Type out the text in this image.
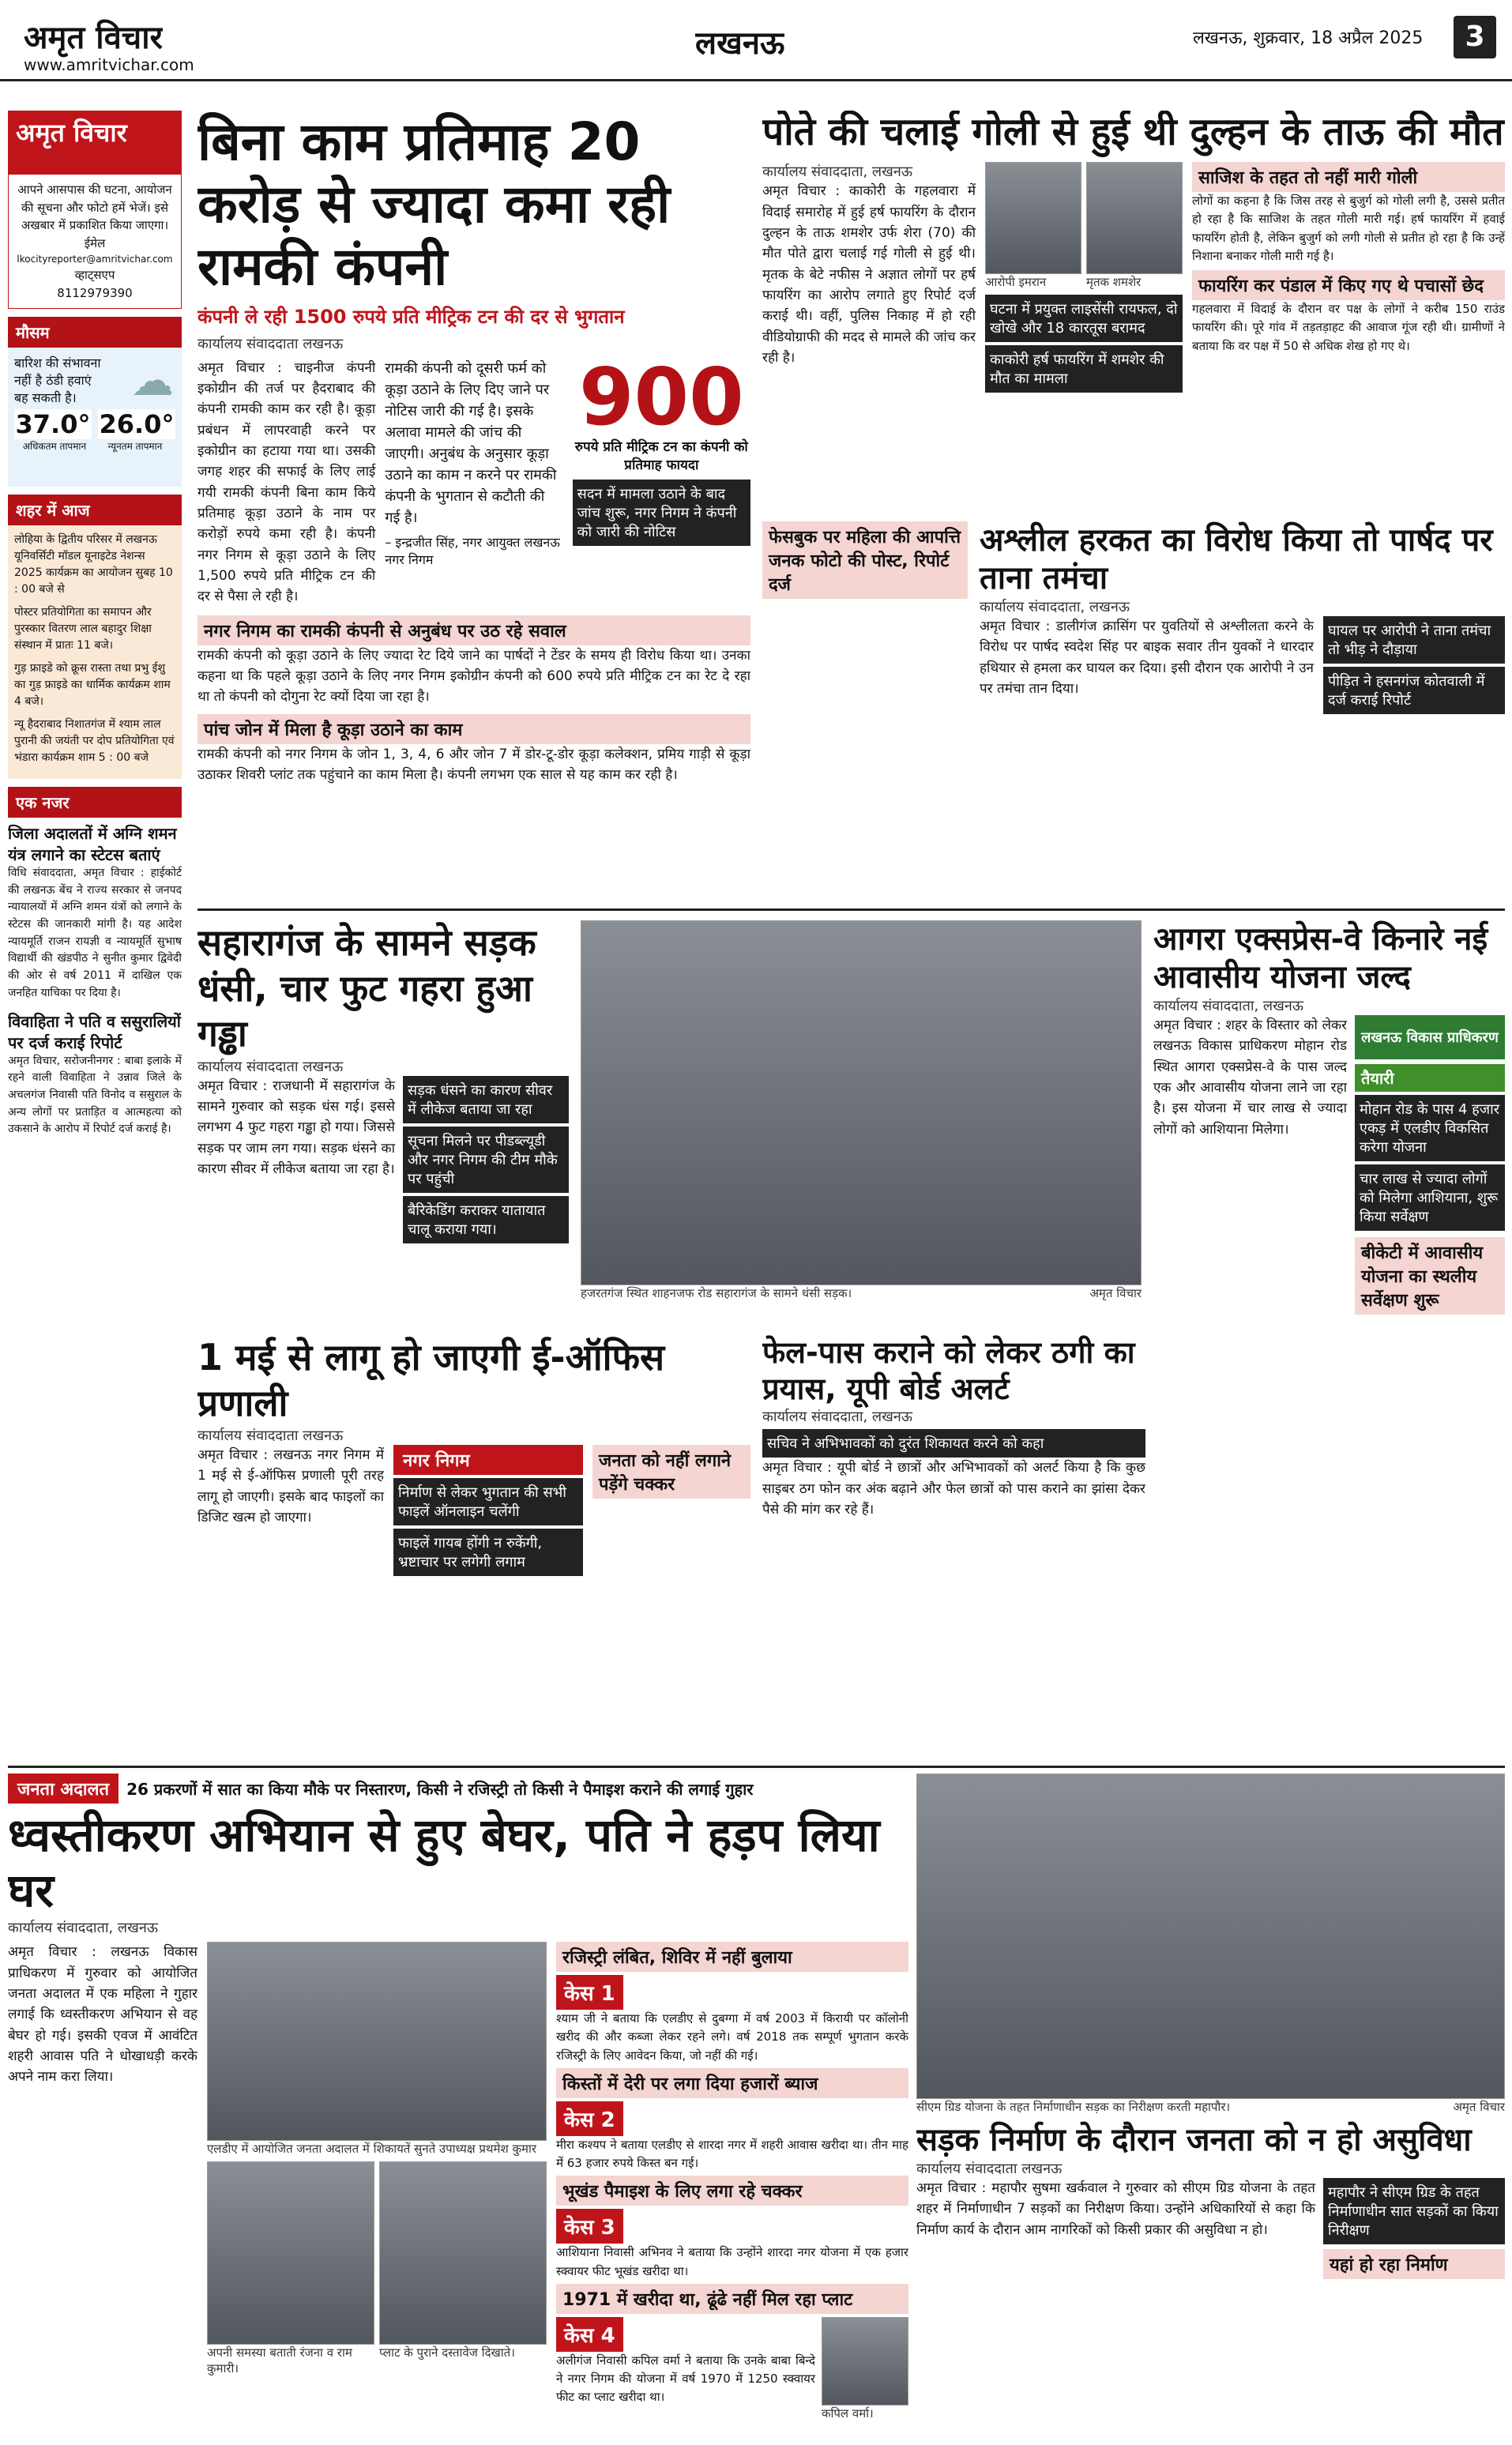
अमृत विचार
www.amritvichar.com
लखनऊ	लखनऊ, शुक्रवार, 18 अप्रैल 2025	3
अमृत विचार
आपने आसपास की घटना, आयोजन की सूचना और फोटो हमें भेजें। इसे अखबार में प्रकाशित किया जाएगा।
ईमेल
lkocityreporter@amritvichar.com
व्हाट्सएप
8112979390
मौसम
बारिश की संभावना नहीं है ठंडी हवाएं बह सकती है।	☁
37.0° 26.0°
अधिकतम तापमान	न्यूनतम तापमान
शहर में आज

लोहिया के द्वितीय परिसर में लखनऊ यूनिवर्सिटी मॉडल यूनाइटेड नेशन्स 2025 कार्यक्रम का आयोजन सुबह 10 : 00 बजे से

पोस्टर प्रतियोगिता का समापन और पुरस्कार वितरण लाल बहादुर शिक्षा संस्थान में प्रातः 11 बजे।

गुड़ फ्राइडे को क्रूस रास्ता तथा प्रभु ईशु का गुड़ फ्राइडे का धार्मिक कार्यक्रम शाम 4 बजे।

न्यू हैदराबाद निशातगंज में श्याम लाल पुरानी की जयंती पर दोप प्रतियोगिता एवं भंडारा कार्यक्रम शाम 5 : 00 बजे

एक नजर
जिला अदालतों में अग्नि शमन यंत्र लगाने का स्टेटस बताएं
विधि संवाददाता, अमृत विचार : हाईकोर्ट की लखनऊ बेंच ने राज्य सरकार से जनपद न्यायालयों में अग्नि शमन यंत्रों को लगाने के स्टेटस की जानकारी मांगी है। यह आदेश न्यायमूर्ति राजन रायज्ञी व न्यायमूर्ति सुभाष विद्यार्थी की खंडपीठ ने सुनीत कुमार द्विवेदी की ओर से वर्ष 2011 में दाखिल एक जनहित याचिका पर दिया है।
विवाहिता ने पति व ससुरालियों पर दर्ज कराई रिपोर्ट
अमृत विचार, सरोजनीनगर : बाबा इलाके में रहने वाली विवाहिता ने उन्नाव जिले के अचलगंज निवासी पति विनोद व ससुराल के अन्य लोगों पर प्रताड़ित व आत्महत्या को उकसाने के आरोप में रिपोर्ट दर्ज कराई है।
बिना काम प्रतिमाह 20 करोड़ से ज्यादा कमा रही रामकी कंपनी
कंपनी ले रही 1500 रुपये प्रति मीट्रिक टन की दर से भुगतान
कार्यालय संवाददाता लखनऊ
अमृत विचार : चाइनीज कंपनी इकोग्रीन की तर्ज पर हैदराबाद की कंपनी रामकी काम कर रही है। कूड़ा प्रबंधन में लापरवाही करने पर इकोग्रीन का हटाया गया था। उसकी जगह शहर की सफाई के लिए लाई गयी रामकी कंपनी बिना काम किये प्रतिमाह कूड़ा उठाने के नाम पर करोड़ों रुपये कमा रही है। कंपनी नगर निगम से कूड़ा उठाने के लिए 1,500 रुपये प्रति मीट्रिक टन की दर से पैसा ले रही है।
रामकी कंपनी को दूसरी फर्म को कूड़ा उठाने के लिए दिए जाने पर नोटिस जारी की गई है। इसके अलावा मामले की जांच की जाएगी। अनुबंध के अनुसार कूड़ा उठाने का काम न करने पर रामकी कंपनी के भुगतान से कटौती की गई है।
– इन्द्रजीत सिंह, नगर आयुक्त लखनऊ नगर निगम
900
रुपये प्रति मीट्रिक टन का कंपनी को प्रतिमाह फायदा
सदन में मामला उठाने के बाद जांच शुरू, नगर निगम ने कंपनी को जारी की नोटिस
नगर निगम का रामकी कंपनी से अनुबंध पर उठ रहे सवाल
रामकी कंपनी को कूड़ा उठाने के लिए ज्यादा रेट दिये जाने का पार्षदों ने टेंडर के समय ही विरोध किया था। उनका कहना था कि पहले कूड़ा उठाने के लिए नगर निगम इकोग्रीन कंपनी को 600 रुपये प्रति मीट्रिक टन का रेट दे रहा था तो कंपनी को दोगुना रेट क्यों दिया जा रहा है।
पांच जोन में मिला है कूड़ा उठाने का काम
रामकी कंपनी को नगर निगम के जोन 1, 3, 4, 6 और जोन 7 में डोर-टू-डोर कूड़ा कलेक्शन, प्रमिय गाड़ी से कूड़ा उठाकर शिवरी प्लांट तक पहुंचाने का काम मिला है। कंपनी लगभग एक साल से यह काम कर रही है।
पोते की चलाई गोली से हुई थी दुल्हन के ताऊ की मौत
कार्यालय संवाददाता, लखनऊ
अमृत विचार : काकोरी के गहलवारा में विदाई समारोह में हुई हर्ष फायरिंग के दौरान दुल्हन के ताऊ शमशेर उर्फ शेरा (70) की मौत पोते द्वारा चलाई गई गोली से हुई थी। मृतक के बेटे नफीस ने अज्ञात लोगों पर हर्ष फायरिंग का आरोप लगाते हुए रिपोर्ट दर्ज कराई थी। वहीं, पुलिस निकाह में हो रही वीडियोग्राफी की मदद से मामले की जांच कर रही है।
आरोपी इमरान	मृतक शमशेर
घटना में प्रयुक्त लाइसेंसी रायफल, दो खोखे और 18 कारतूस बरामद
काकोरी हर्ष फायरिंग में शमशेर की मौत का मामला
साजिश के तहत तो नहीं मारी गोली
लोगों का कहना है कि जिस तरह से बुजुर्ग को गोली लगी है, उससे प्रतीत हो रहा है कि साजिश के तहत गोली मारी गई। हर्ष फायरिंग में हवाई फायरिंग होती है, लेकिन बुजुर्ग को लगी गोली से प्रतीत हो रहा है कि उन्हें निशाना बनाकर गोली मारी गई है।
फायरिंग कर पंडाल में किए गए थे पचासों छेद
गहलवारा में विदाई के दौरान वर पक्ष के लोगों ने करीब 150 राउंड फायरिंग की। पूरे गांव में तड़तड़ाहट की आवाज गूंज रही थी। ग्रामीणों ने बताया कि वर पक्ष में 50 से अधिक शेख हो गए थे।
फेसबुक पर महिला की आपत्ति जनक फोटो की पोस्ट, रिपोर्ट दर्ज
अश्लील हरकत का विरोध किया तो पार्षद पर ताना तमंचा
कार्यालय संवाददाता, लखनऊ
अमृत विचार : डालीगंज क्रासिंग पर युवतियों से अश्लीलता करने के विरोध पर पार्षद स्वदेश सिंह पर बाइक सवार तीन युवकों ने धारदार हथियार से हमला कर घायल कर दिया। इसी दौरान एक आरोपी ने उन पर तमंचा तान दिया।
घायल पर आरोपी ने ताना तमंचा तो भीड़ ने दौड़ाया
पीड़ित ने हसनगंज कोतवाली में दर्ज कराई रिपोर्ट
सहारागंज के सामने सड़क धंसी, चार फुट गहरा हुआ गड्ढा
कार्यालय संवाददाता लखनऊ
अमृत विचार : राजधानी में सहारागंज के सामने गुरुवार को सड़क धंस गई। इससे लगभग 4 फुट गहरा गड्ढा हो गया। जिससे सड़क पर जाम लग गया। सड़क धंसने का कारण सीवर में लीकेज बताया जा रहा है।
सड़क धंसने का कारण सीवर में लीकेज बताया जा रहा
सूचना मिलने पर पीडब्ल्यूडी और नगर निगम की टीम मौके पर पहुंची
बैरिकेडिंग कराकर यातायात चालू कराया गया।
हजरतगंज स्थित शाहनजफ रोड सहारागंज के सामने धंसी सड़क।	अमृत विचार
आगरा एक्सप्रेस-वे किनारे नई आवासीय योजना जल्द
कार्यालय संवाददाता, लखनऊ
अमृत विचार : शहर के विस्तार को लेकर लखनऊ विकास प्राधिकरण मोहान रोड स्थित आगरा एक्सप्रेस-वे के पास जल्द एक और आवासीय योजना लाने जा रहा है। इस योजना में चार लाख से ज्यादा लोगों को आशियाना मिलेगा।
लखनऊ विकास प्राधिकरण
तैयारी
मोहान रोड के पास 4 हजार एकड़ में एलडीए विकसित करेगा योजना
चार लाख से ज्यादा लोगों को मिलेगा आशियाना, शुरू किया सर्वेक्षण
बीकेटी में आवासीय योजना का स्थलीय सर्वेक्षण शुरू
1 मई से लागू हो जाएगी ई-ऑफिस प्रणाली
कार्यालय संवाददाता लखनऊ
अमृत विचार : लखनऊ नगर निगम में 1 मई से ई-ऑफिस प्रणाली पूरी तरह लागू हो जाएगी। इसके बाद फाइलों का डिजिट खत्म हो जाएगा।
नगर निगम
निर्माण से लेकर भुगतान की सभी फाइलें ऑनलाइन चलेंगी
फाइलें गायब होंगी न रुकेंगी, भ्रष्टाचार पर लगेगी लगाम
जनता को नहीं लगाने पड़ेंगे चक्कर
फेल-पास कराने को लेकर ठगी का प्रयास, यूपी बोर्ड अलर्ट
कार्यालय संवाददाता, लखनऊ
सचिव ने अभिभावकों को दुरंत शिकायत करने को कहा
अमृत विचार : यूपी बोर्ड ने छात्रों और अभिभावकों को अलर्ट किया है कि कुछ साइबर ठग फोन कर अंक बढ़ाने और फेल छात्रों को पास कराने का झांसा देकर पैसे की मांग कर रहे हैं।
जनता अदालत	26 प्रकरणों में सात का किया मौके पर निस्तारण, किसी ने रजिस्ट्री तो किसी ने पैमाइश कराने की लगाई गुहार
ध्वस्तीकरण अभियान से हुए बेघर, पति ने हड़प लिया घर
कार्यालय संवाददाता, लखनऊ
अमृत विचार : लखनऊ विकास प्राधिकरण में गुरुवार को आयोजित जनता अदालत में एक महिला ने गुहार लगाई कि ध्वस्तीकरण अभियान से वह बेघर हो गई। इसकी एवज में आवंटित शहरी आवास पति ने धोखाधड़ी करके अपने नाम करा लिया।
एलडीए में आयोजित जनता अदालत में शिकायतें सुनते उपाध्यक्ष प्रथमेश कुमार
अपनी समस्या बताती रंजना व राम कुमारी।
प्लाट के पुराने दस्तावेज दिखाते।
रजिस्ट्री लंबित, शिविर में नहीं बुलाया
केस 1
श्याम जी ने बताया कि एलडीए से दुबग्गा में वर्ष 2003 में किरायी पर कॉलोनी खरीद की और कब्जा लेकर रहने लगे। वर्ष 2018 तक सम्पूर्ण भुगतान करके रजिस्ट्री के लिए आवेदन किया, जो नहीं की गई।
किस्तों में देरी पर लगा दिया हजारों ब्याज
केस 2
मीरा कश्यप ने बताया एलडीए से शारदा नगर में शहरी आवास खरीदा था। तीन माह में 63 हजार रुपये किस्त बन गई।
भूखंड पैमाइश के लिए लगा रहे चक्कर
केस 3
आशियाना निवासी अभिनव ने बताया कि उन्होंने शारदा नगर योजना में एक हजार स्क्वायर फीट भूखंड खरीदा था।
1971 में खरीदा था, ढूंढे नहीं मिल रहा प्लाट
केस 4
अलीगंज निवासी कपिल वर्मा ने बताया कि उनके बाबा बिन्दे ने नगर निगम की योजना में वर्ष 1970 में 1250 स्क्वायर फीट का प्लाट खरीदा था।
कपिल वर्मा।
सीएम ग्रिड योजना के तहत निर्माणाधीन सड़क का निरीक्षण करती महापौर।	अमृत विचार
सड़क निर्माण के दौरान जनता को न हो असुविधा
कार्यालय संवाददाता लखनऊ
अमृत विचार : महापौर सुषमा खर्कवाल ने गुरुवार को सीएम ग्रिड योजना के तहत शहर में निर्माणाधीन 7 सड़कों का निरीक्षण किया। उन्होंने अधिकारियों से कहा कि निर्माण कार्य के दौरान आम नागरिकों को किसी प्रकार की असुविधा न हो।
महापौर ने सीएम ग्रिड के तहत निर्माणाधीन सात सड़कों का किया निरीक्षण
यहां हो रहा निर्माण
